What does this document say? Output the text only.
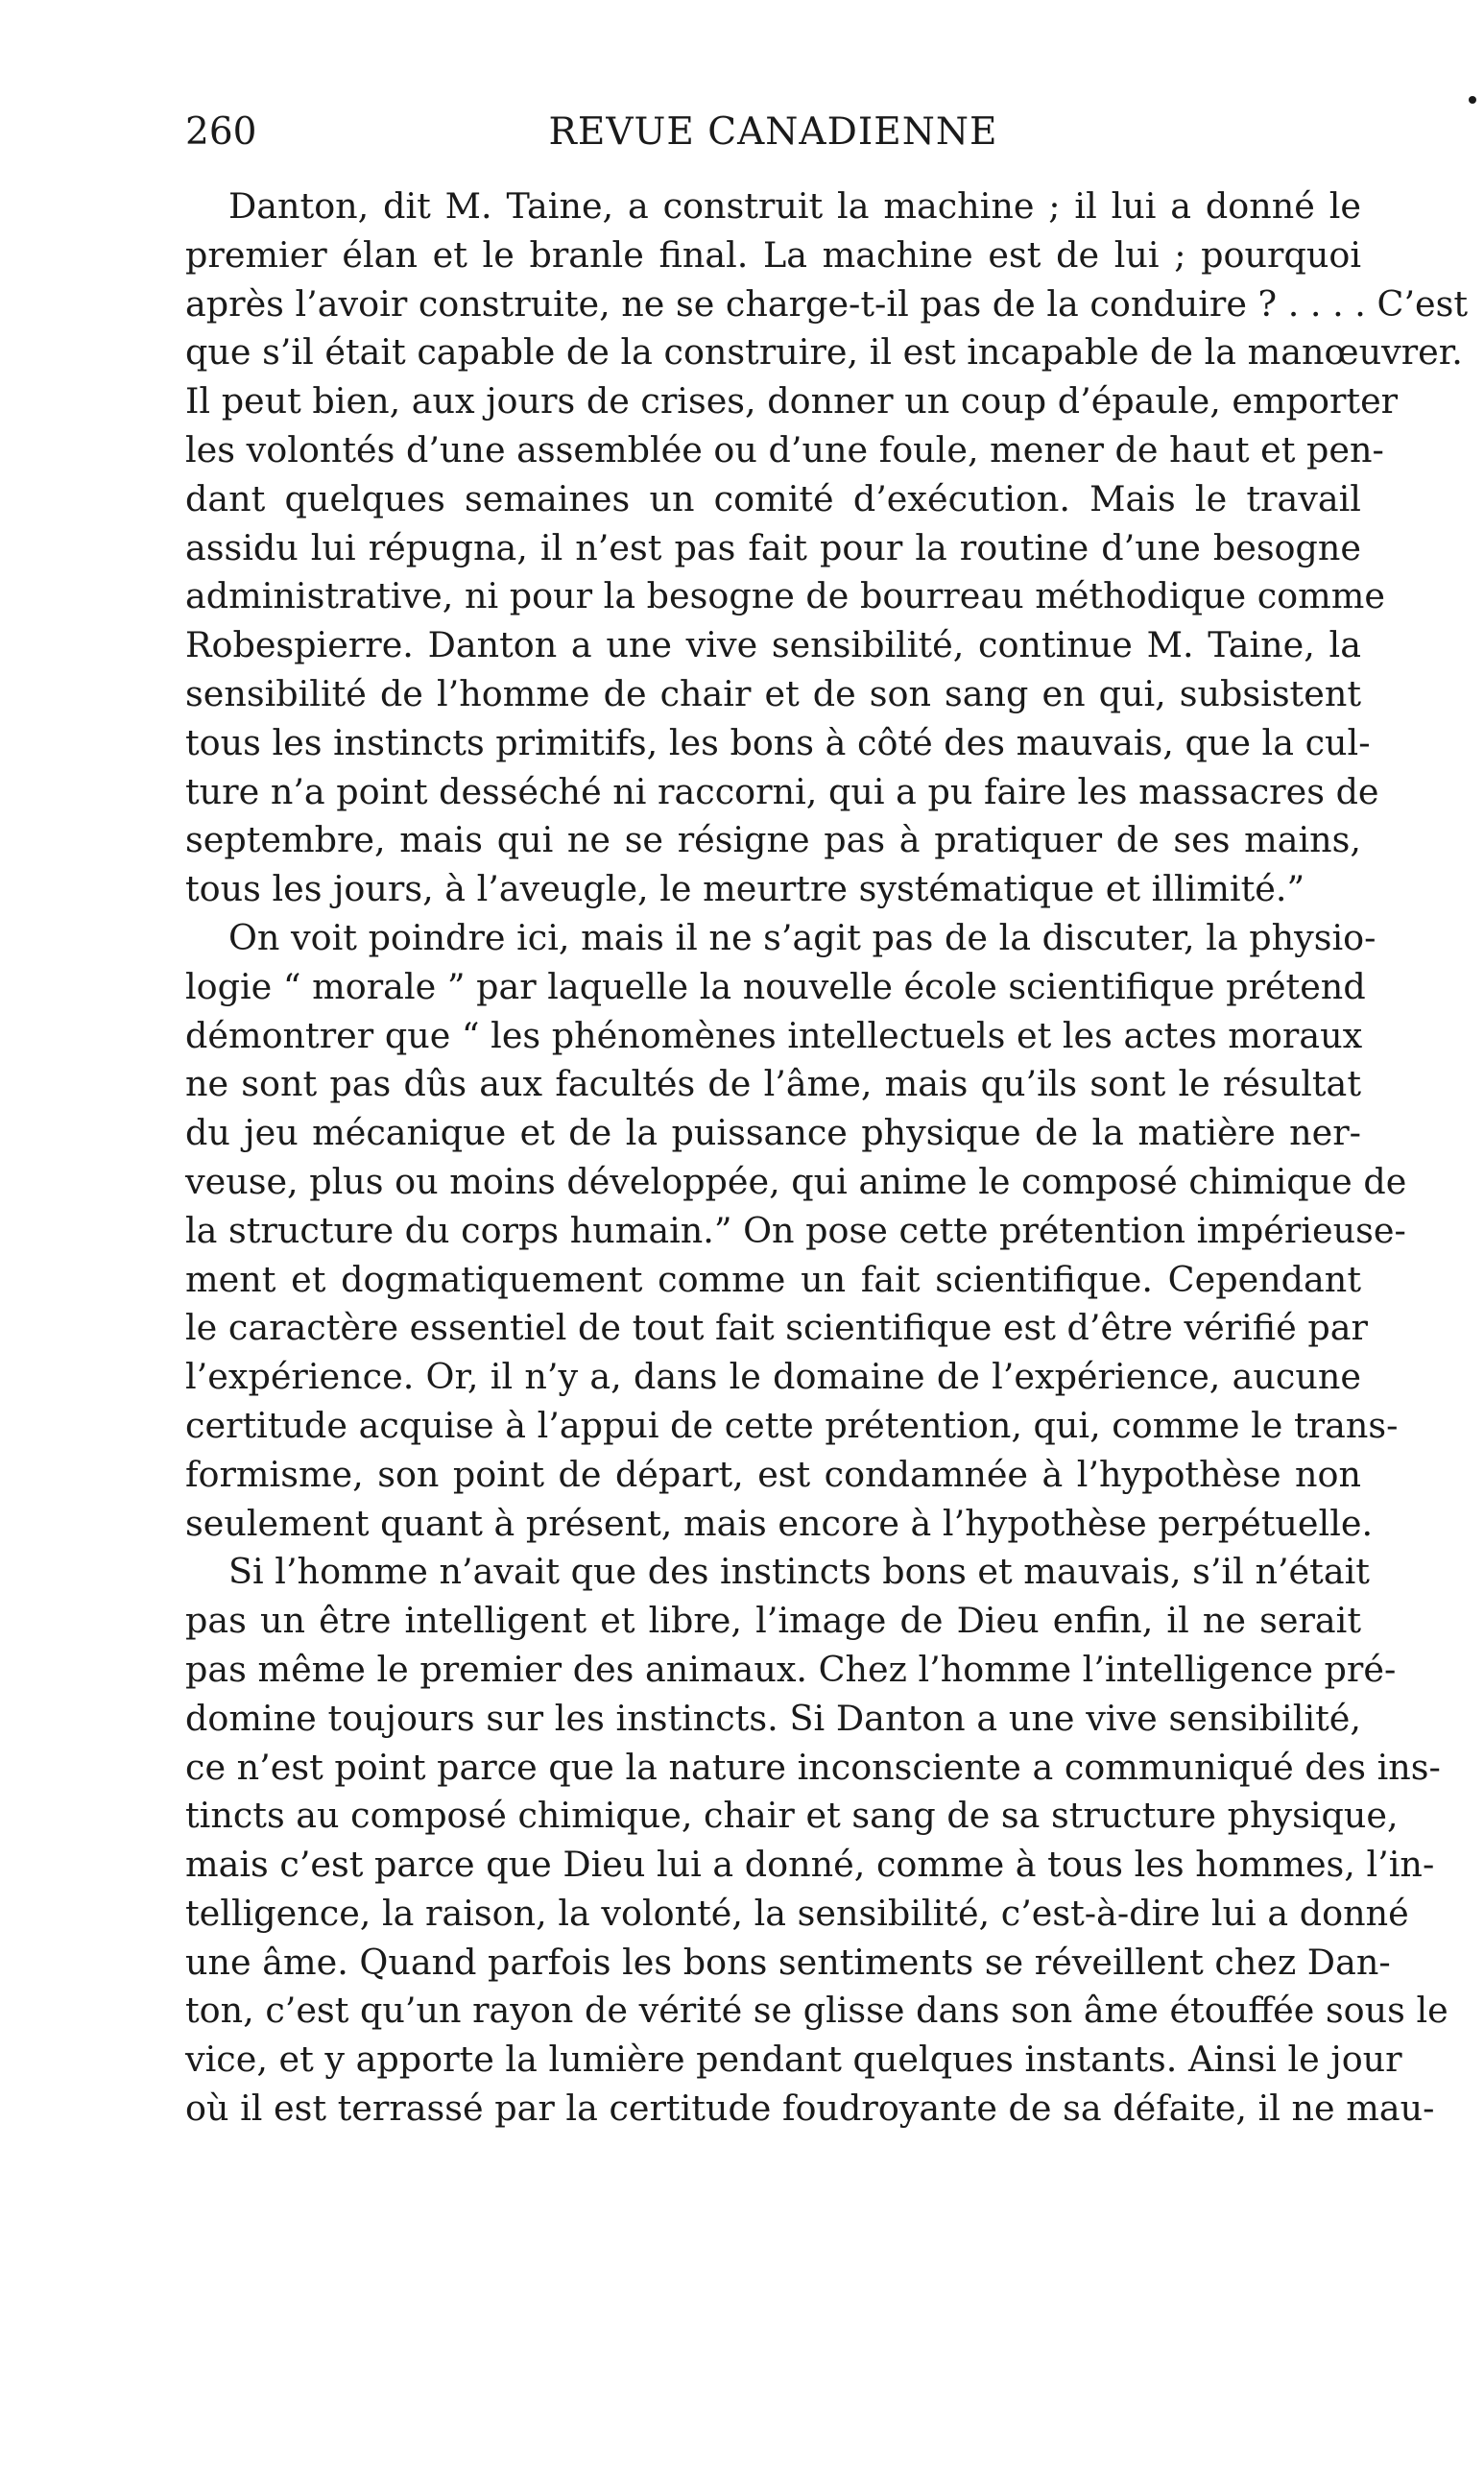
260	REVUE CANADIENNE

Danton, dit M. Taine, a construit la machine ; il lui a donné le
premier élan et le branle final. La machine est de lui ; pourquoi
après l’avoir construite, ne se charge-t-il pas de la conduire ? . . . . C’est
que s’il était capable de la construire, il est incapable de la manœuvrer.
Il peut bien, aux jours de crises, donner un coup d’épaule, emporter
les volontés d’une assemblée ou d’une foule, mener de haut et pen-
dant quelques semaines un comité d’exécution. Mais le travail
assidu lui répugna, il n’est pas fait pour la routine d’une besogne
administrative, ni pour la besogne de bourreau méthodique comme
Robespierre. Danton a une vive sensibilité, continue M. Taine, la
sensibilité de l’homme de chair et de son sang en qui, subsistent
tous les instincts primitifs, les bons à côté des mauvais, que la cul-
ture n’a point desséché ni raccorni, qui a pu faire les massacres de
septembre, mais qui ne se résigne pas à pratiquer de ses mains,
tous les jours, à l’aveugle, le meurtre systématique et illimité.”

On voit poindre ici, mais il ne s’agit pas de la discuter, la physio-
logie “ morale ” par laquelle la nouvelle école scientifique prétend
démontrer que “ les phénomènes intellectuels et les actes moraux
ne sont pas dûs aux facultés de l’âme, mais qu’ils sont le résultat
du jeu mécanique et de la puissance physique de la matière ner-
veuse, plus ou moins développée, qui anime le composé chimique de
la structure du corps humain.” On pose cette prétention impérieuse-
ment et dogmatiquement comme un fait scientifique. Cependant
le caractère essentiel de tout fait scientifique est d’être vérifié par
l’expérience. Or, il n’y a, dans le domaine de l’expérience, aucune
certitude acquise à l’appui de cette prétention, qui, comme le trans-
formisme, son point de départ, est condamnée à l’hypothèse non
seulement quant à présent, mais encore à l’hypothèse perpétuelle.

Si l’homme n’avait que des instincts bons et mauvais, s’il n’était
pas un être intelligent et libre, l’image de Dieu enfin, il ne serait
pas même le premier des animaux. Chez l’homme l’intelligence pré-
domine toujours sur les instincts. Si Danton a une vive sensibilité,
ce n’est point parce que la nature inconsciente a communiqué des ins-
tincts au composé chimique, chair et sang de sa structure physique,
mais c’est parce que Dieu lui a donné, comme à tous les hommes, l’in-
telligence, la raison, la volonté, la sensibilité, c’est-à-dire lui a donné
une âme. Quand parfois les bons sentiments se réveillent chez Dan-
ton, c’est qu’un rayon de vérité se glisse dans son âme étouffée sous le
vice, et y apporte la lumière pendant quelques instants. Ainsi le jour
où il est terrassé par la certitude foudroyante de sa défaite, il ne mau-
